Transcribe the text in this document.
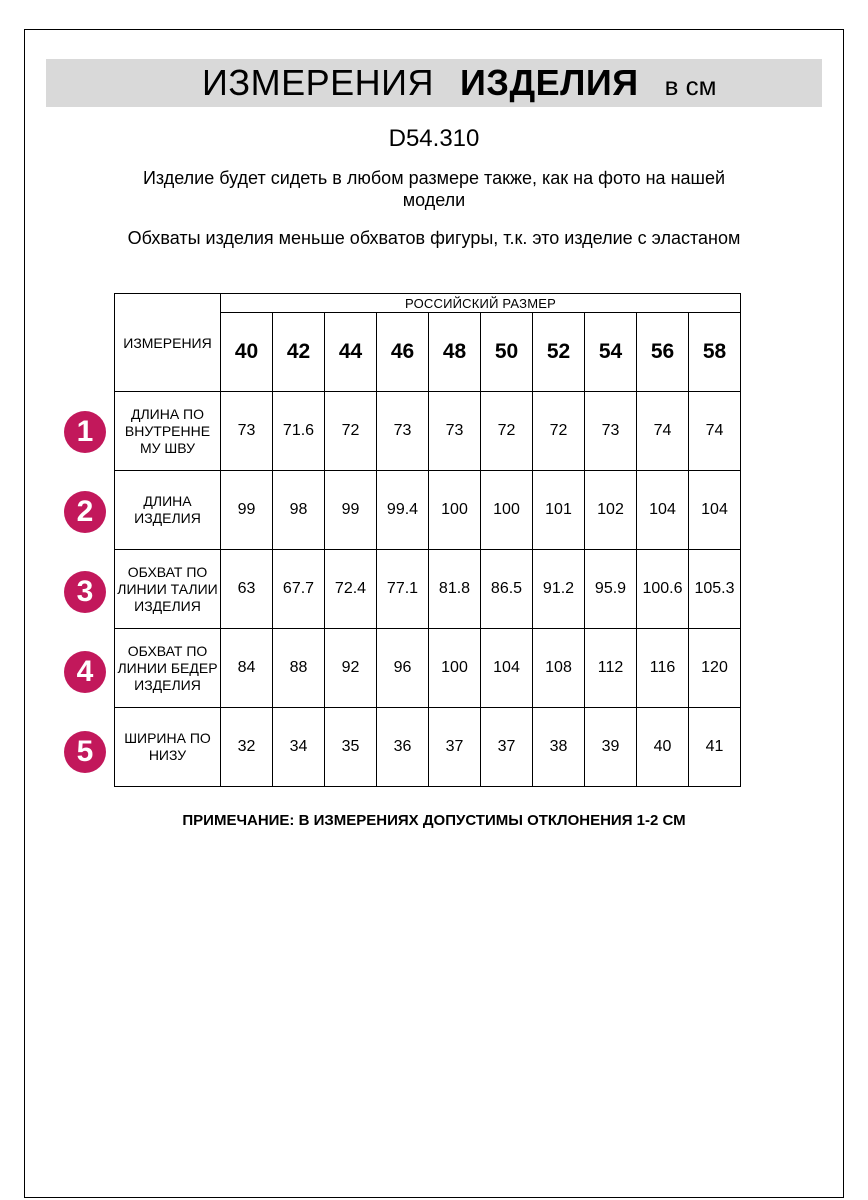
ИЗМЕРЕНИЯ ИЗДЕЛИЯ в см
D54.310
Изделие будет сидеть в любом размере также, как на фото на нашей модели
Обхваты изделия меньше обхватов фигуры, т.к. это изделие с эластаном
ИЗМЕРЕНИЯ	РОССИЙСКИЙ РАЗМЕР									
	40	42	44	46	48	50	52	54	56	58
ДЛИНА ПО ВНУТРЕННЕ МУ ШВУ	73	71.6	72	73	73	72	72	73	74	74
ДЛИНА ИЗДЕЛИЯ	99	98	99	99.4	100	100	101	102	104	104
ОБХВАТ ПО ЛИНИИ ТАЛИИ ИЗДЕЛИЯ	63	67.7	72.4	77.1	81.8	86.5	91.2	95.9	100.6	105.3
ОБХВАТ ПО ЛИНИИ БЕДЕР ИЗДЕЛИЯ	84	88	92	96	100	104	108	112	116	120
ШИРИНА ПО НИЗУ	32	34	35	36	37	37	38	39	40	41
1
2
3
4
5
ПРИМЕЧАНИЕ: В ИЗМЕРЕНИЯХ ДОПУСТИМЫ ОТКЛОНЕНИЯ 1-2 СМ
